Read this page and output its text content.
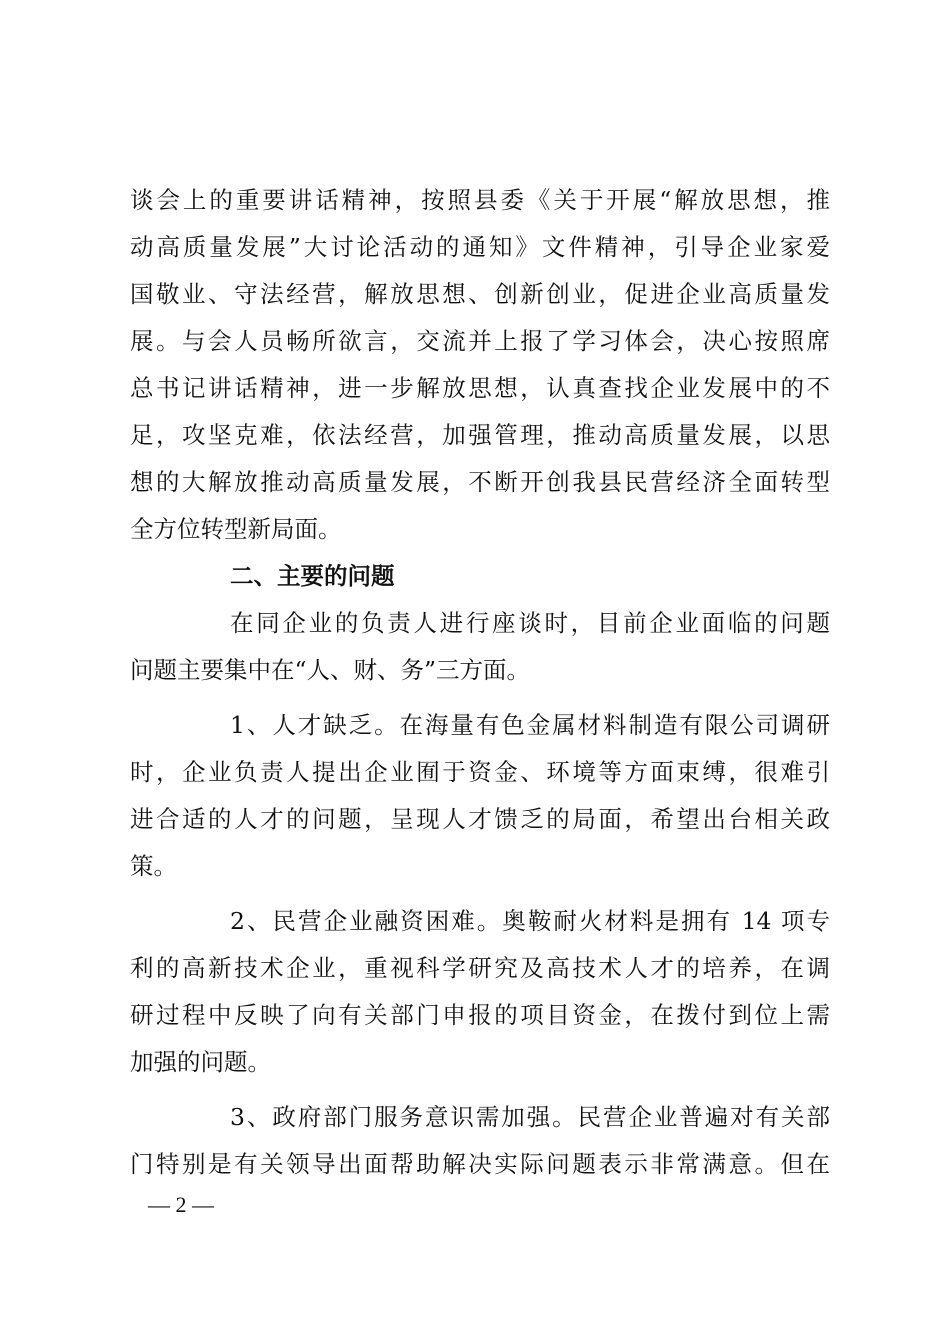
谈会上的重要讲话精神，按照县委《关于开展“解放思想，推
动高质量发展”大讨论活动的通知》文件精神，引导企业家爱
国敬业、守法经营，解放思想、创新创业，促进企业高质量发
展。与会人员畅所欲言，交流并上报了学习体会，决心按照席
总书记讲话精神，进一步解放思想，认真查找企业发展中的不
足，攻坚克难，依法经营，加强管理，推动高质量发展，以思
想的大解放推动高质量发展，不断开创我县民营经济全面转型
全方位转型新局面。
二、主要的问题
在同企业的负责人进行座谈时，目前企业面临的问题
问题主要集中在“人、财、务”三方面。
1、人才缺乏。在海量有色金属材料制造有限公司调研
时，企业负责人提出企业囿于资金、环境等方面束缚，很难引
进合适的人才的问题，呈现人才馈乏的局面，希望出台相关政
策。
2、民营企业融资困难。奥鞍耐火材料是拥有 14 项专
利的高新技术企业，重视科学研究及高技术人才的培养，在调
研过程中反映了向有关部门申报的项目资金，在拨付到位上需
加强的问题。
3、政府部门服务意识需加强。民营企业普遍对有关部
门特别是有关领导出面帮助解决实际问题表示非常满意。但在
— 2 —
